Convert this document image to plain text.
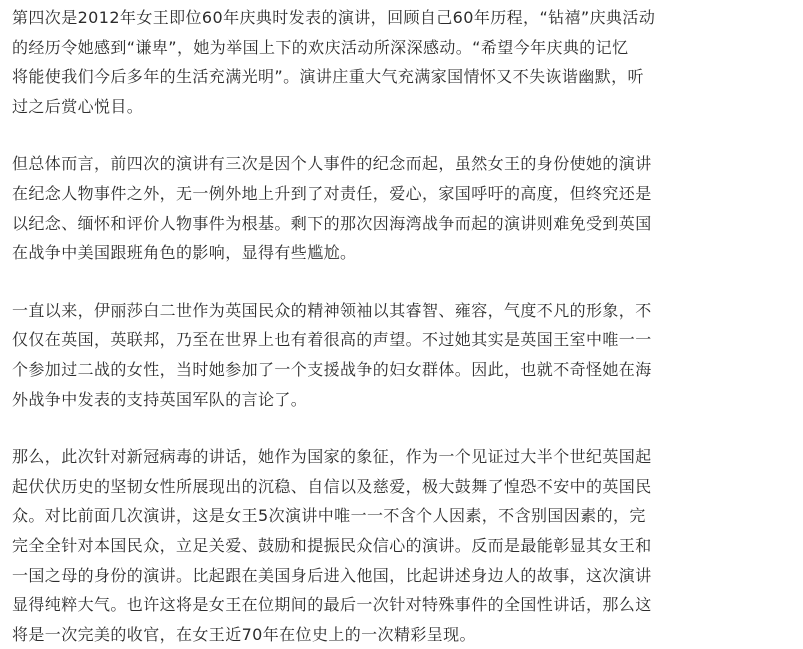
第四次是2012年女王即位60年庆典时发表的演讲，回顾自己60年历程，“钻禧”庆典活动
的经历令她感到“谦卑”，她为举国上下的欢庆活动所深深感动。“希望今年庆典的记忆
将能使我们今后多年的生活充满光明”。演讲庄重大气充满家国情怀又不失诙谐幽默，听
过之后赏心悦目。

但总体而言，前四次的演讲有三次是因个人事件的纪念而起，虽然女王的身份使她的演讲
在纪念人物事件之外，无一例外地上升到了对责任，爱心，家国呼吁的高度，但终究还是
以纪念、缅怀和评价人物事件为根基。剩下的那次因海湾战争而起的演讲则难免受到英国
在战争中美国跟班角色的影响，显得有些尴尬。

一直以来，伊丽莎白二世作为英国民众的精神领袖以其睿智、雍容，气度不凡的形象，不
仅仅在英国，英联邦，乃至在世界上也有着很高的声望。不过她其实是英国王室中唯一一
个参加过二战的女性，当时她参加了一个支援战争的妇女群体。因此，也就不奇怪她在海
外战争中发表的支持英国军队的言论了。

那么，此次针对新冠病毒的讲话，她作为国家的象征，作为一个见证过大半个世纪英国起
起伏伏历史的坚韧女性所展现出的沉稳、自信以及慈爱，极大鼓舞了惶恐不安中的英国民
众。对比前面几次演讲，这是女王5次演讲中唯一一不含个人因素，不含别国因素的，完
完全全针对本国民众，立足关爱、鼓励和提振民众信心的演讲。反而是最能彰显其女王和
一国之母的身份的演讲。比起跟在美国身后进入他国，比起讲述身边人的故事，这次演讲
显得纯粹大气。也许这将是女王在位期间的最后一次针对特殊事件的全国性讲话，那么这
将是一次完美的收官，在女王近70年在位史上的一次精彩呈现。
